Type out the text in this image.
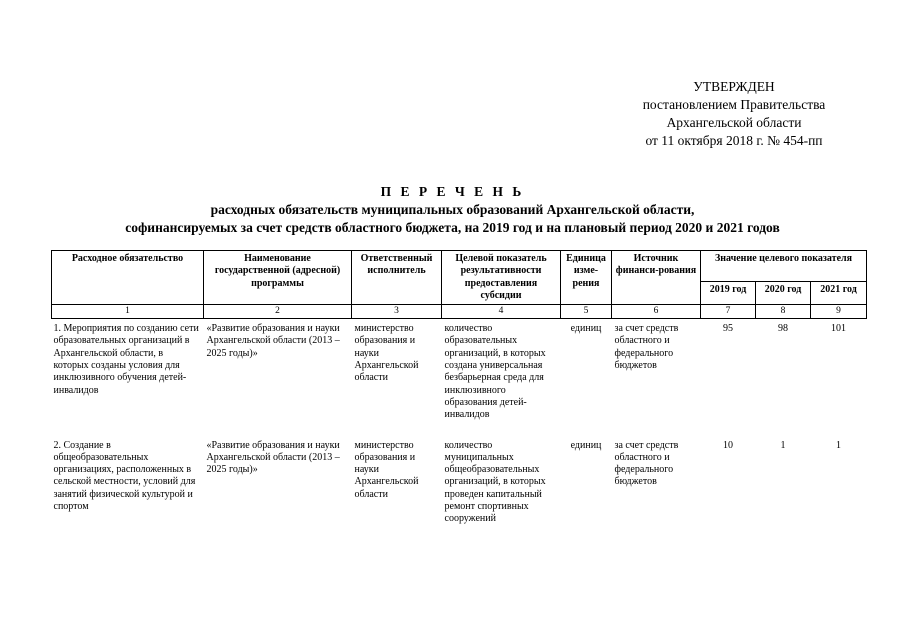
УТВЕРЖДЕН
постановлением Правительства
Архангельской области
от 11 октября 2018 г. № 454-пп
П Е Р Е Ч Е Н Ь
расходных обязательств муниципальных образований Архангельской области,
софинансируемых за счет средств областного бюджета, на 2019 год и на плановый период 2020 и 2021 годов
Расходное обязательство	Наименование государственной (адресной) программы	Ответственный исполнитель	Целевой показатель результативности предоставления субсидии	Единица изме-рения	Источник финанси-рования	Значение целевого показателя		
						2019 год	2020 год	2021 год
1	2	3	4	5	6	7	8	9
1. Мероприятия по созданию сети образовательных организаций в Архангельской области, в которых созданы условия для инклюзивного обучения детей-инвалидов	«Развитие образования и науки Архангельской области (2013 – 2025 годы)»	министерство образования и науки Архангельской области	количество образовательных организаций, в которых создана универсальная безбарьерная среда для инклюзивного образования детей-инвалидов	единиц	за счет средств областного и федерального бюджетов	95	98	101
2. Создание в общеобразовательных организациях, расположенных в сельской местности, условий для занятий физической культурой и спортом	«Развитие образования и науки Архангельской области (2013 – 2025 годы)»	министерство образования и науки Архангельской области	количество муниципальных общеобразовательных организаций, в которых проведен капитальный ремонт спортивных сооружений	единиц	за счет средств областного и федерального бюджетов	10	1	1
